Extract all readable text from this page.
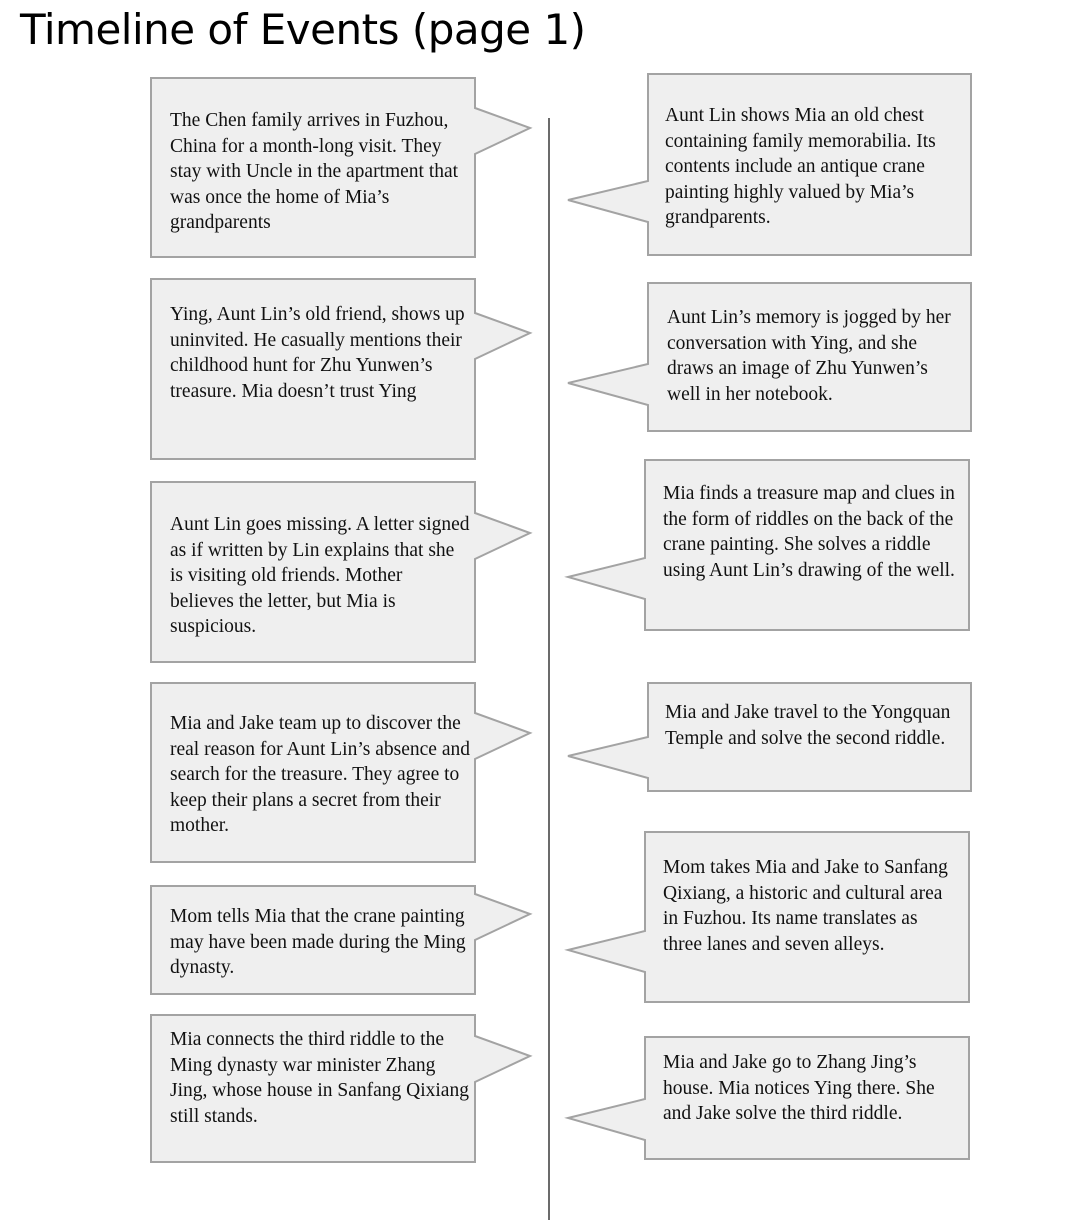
Timeline of Events (page 1)

The Chen family arrives in Fuzhou, China for a month-long visit. They stay with Uncle in the apartment that was once the home of Mia’s grandparents

Aunt Lin shows Mia an old chest containing family memorabilia. Its contents include an antique crane painting highly valued by Mia’s grandparents.

Ying, Aunt Lin’s old friend, shows up uninvited. He casually mentions their childhood hunt for Zhu Yunwen’s treasure. Mia doesn’t trust Ying

Aunt Lin’s memory is jogged by her conversation with Ying, and she draws an image of Zhu Yunwen’s well in her notebook.

Aunt Lin goes missing. A letter signed as if written by Lin explains that she is visiting old friends. Mother believes the letter, but Mia is suspicious.

Mia finds a treasure map and clues in the form of riddles on the back of the crane painting. She solves a riddle using Aunt Lin’s drawing of the well.

Mia and Jake team up to discover the real reason for Aunt Lin’s absence and search for the treasure. They agree to keep their plans a secret from their mother.

Mia and Jake travel to the Yongquan Temple and solve the second riddle.

Mom tells Mia that the crane painting may have been made during the Ming dynasty.

Mom takes Mia and Jake to Sanfang Qixiang, a historic and cultural area in Fuzhou. Its name translates as three lanes and seven alleys.

Mia connects the third riddle to the Ming dynasty war minister Zhang Jing, whose house in Sanfang Qixiang still stands.

Mia and Jake go to Zhang Jing’s house. Mia notices Ying there. She and Jake solve the third riddle.
